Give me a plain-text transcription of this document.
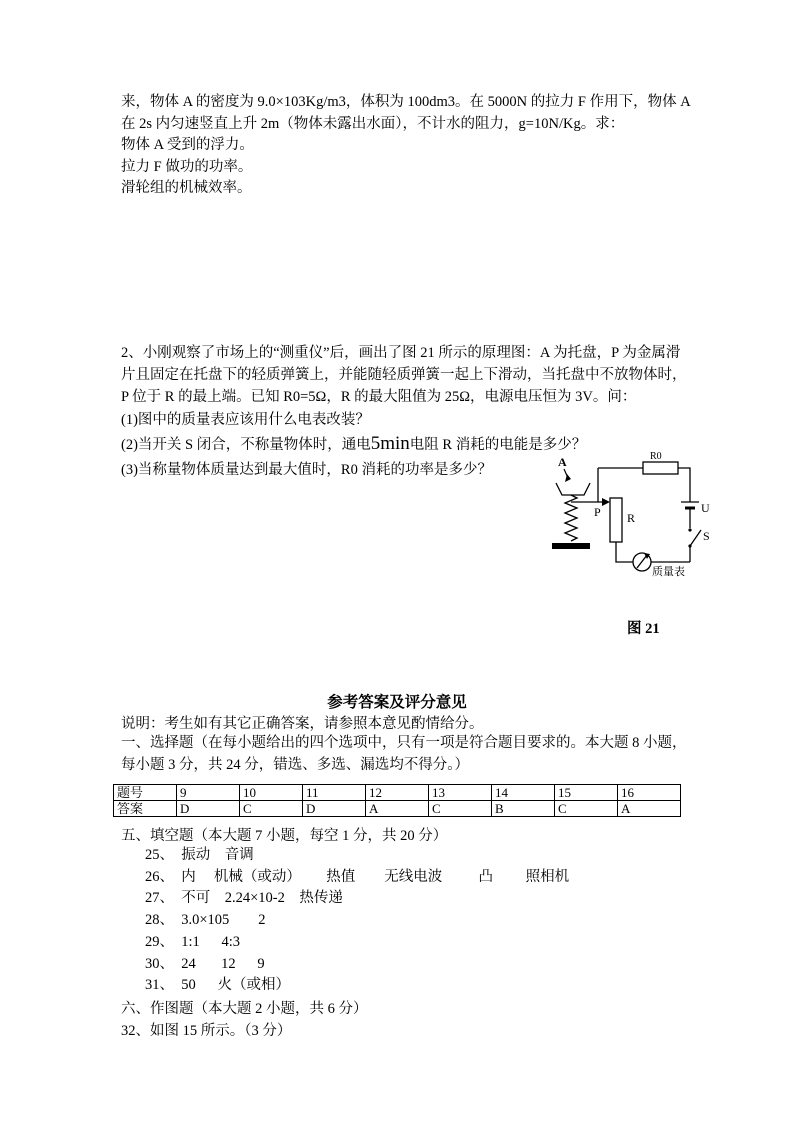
来，物体 A 的密度为 9.0×103Kg/m3，体积为 100dm3。在 5000N 的拉力 F 作用下，物体 A
在 2s 内匀速竖直上升 2m（物体未露出水面），不计水的阻力，g=10N/Kg。求：
物体 A 受到的浮力。
拉力 F 做功的功率。
滑轮组的机械效率。
2、小刚观察了市场上的“测重仪”后，画出了图 21 所示的原理图：A 为托盘，P 为金属滑
片且固定在托盘下的轻质弹簧上，并能随轻质弹簧一起上下滑动，当托盘中不放物体时，
P 位于 R 的最上端。已知 R0=5Ω，R 的最大阻值为 25Ω，电源电压恒为 3V。问：
(1)图中的质量表应该用什么电表改装？
(2)当开关 S 闭合，不称量物体时，通电5min电阻 R 消耗的电能是多少？
(3)当称量物体质量达到最大值时，R0 消耗的功率是多少？	A
P R
R0
U
S
质量表
图 21
参考答案及评分意见
说明：考生如有其它正确答案，请参照本意见酌情给分。
一、选择题（在每小题给出的四个选项中，只有一项是符合题目要求的。本大题 8 小题，
每小题 3 分，共 24 分，错选、多选、漏选均不得分。）
题号	9	10	11	12	13	14	15	16
答案	D	C	D	A	C	B	C	A
五、填空题（本大题 7 小题，每空 1 分，共 20 分）
25、  振动    音调
26、  内     机械（或动）       热值        无线电波          凸         照相机
27、  不可    2.24×10-2    热传递
28、  3.0×105        2
29、  1:1      4:3
30、  24       12      9
31、  50      火（或相）
六、作图题（本大题 2 小题，共 6 分）
32、如图 15 所示。（3 分）
